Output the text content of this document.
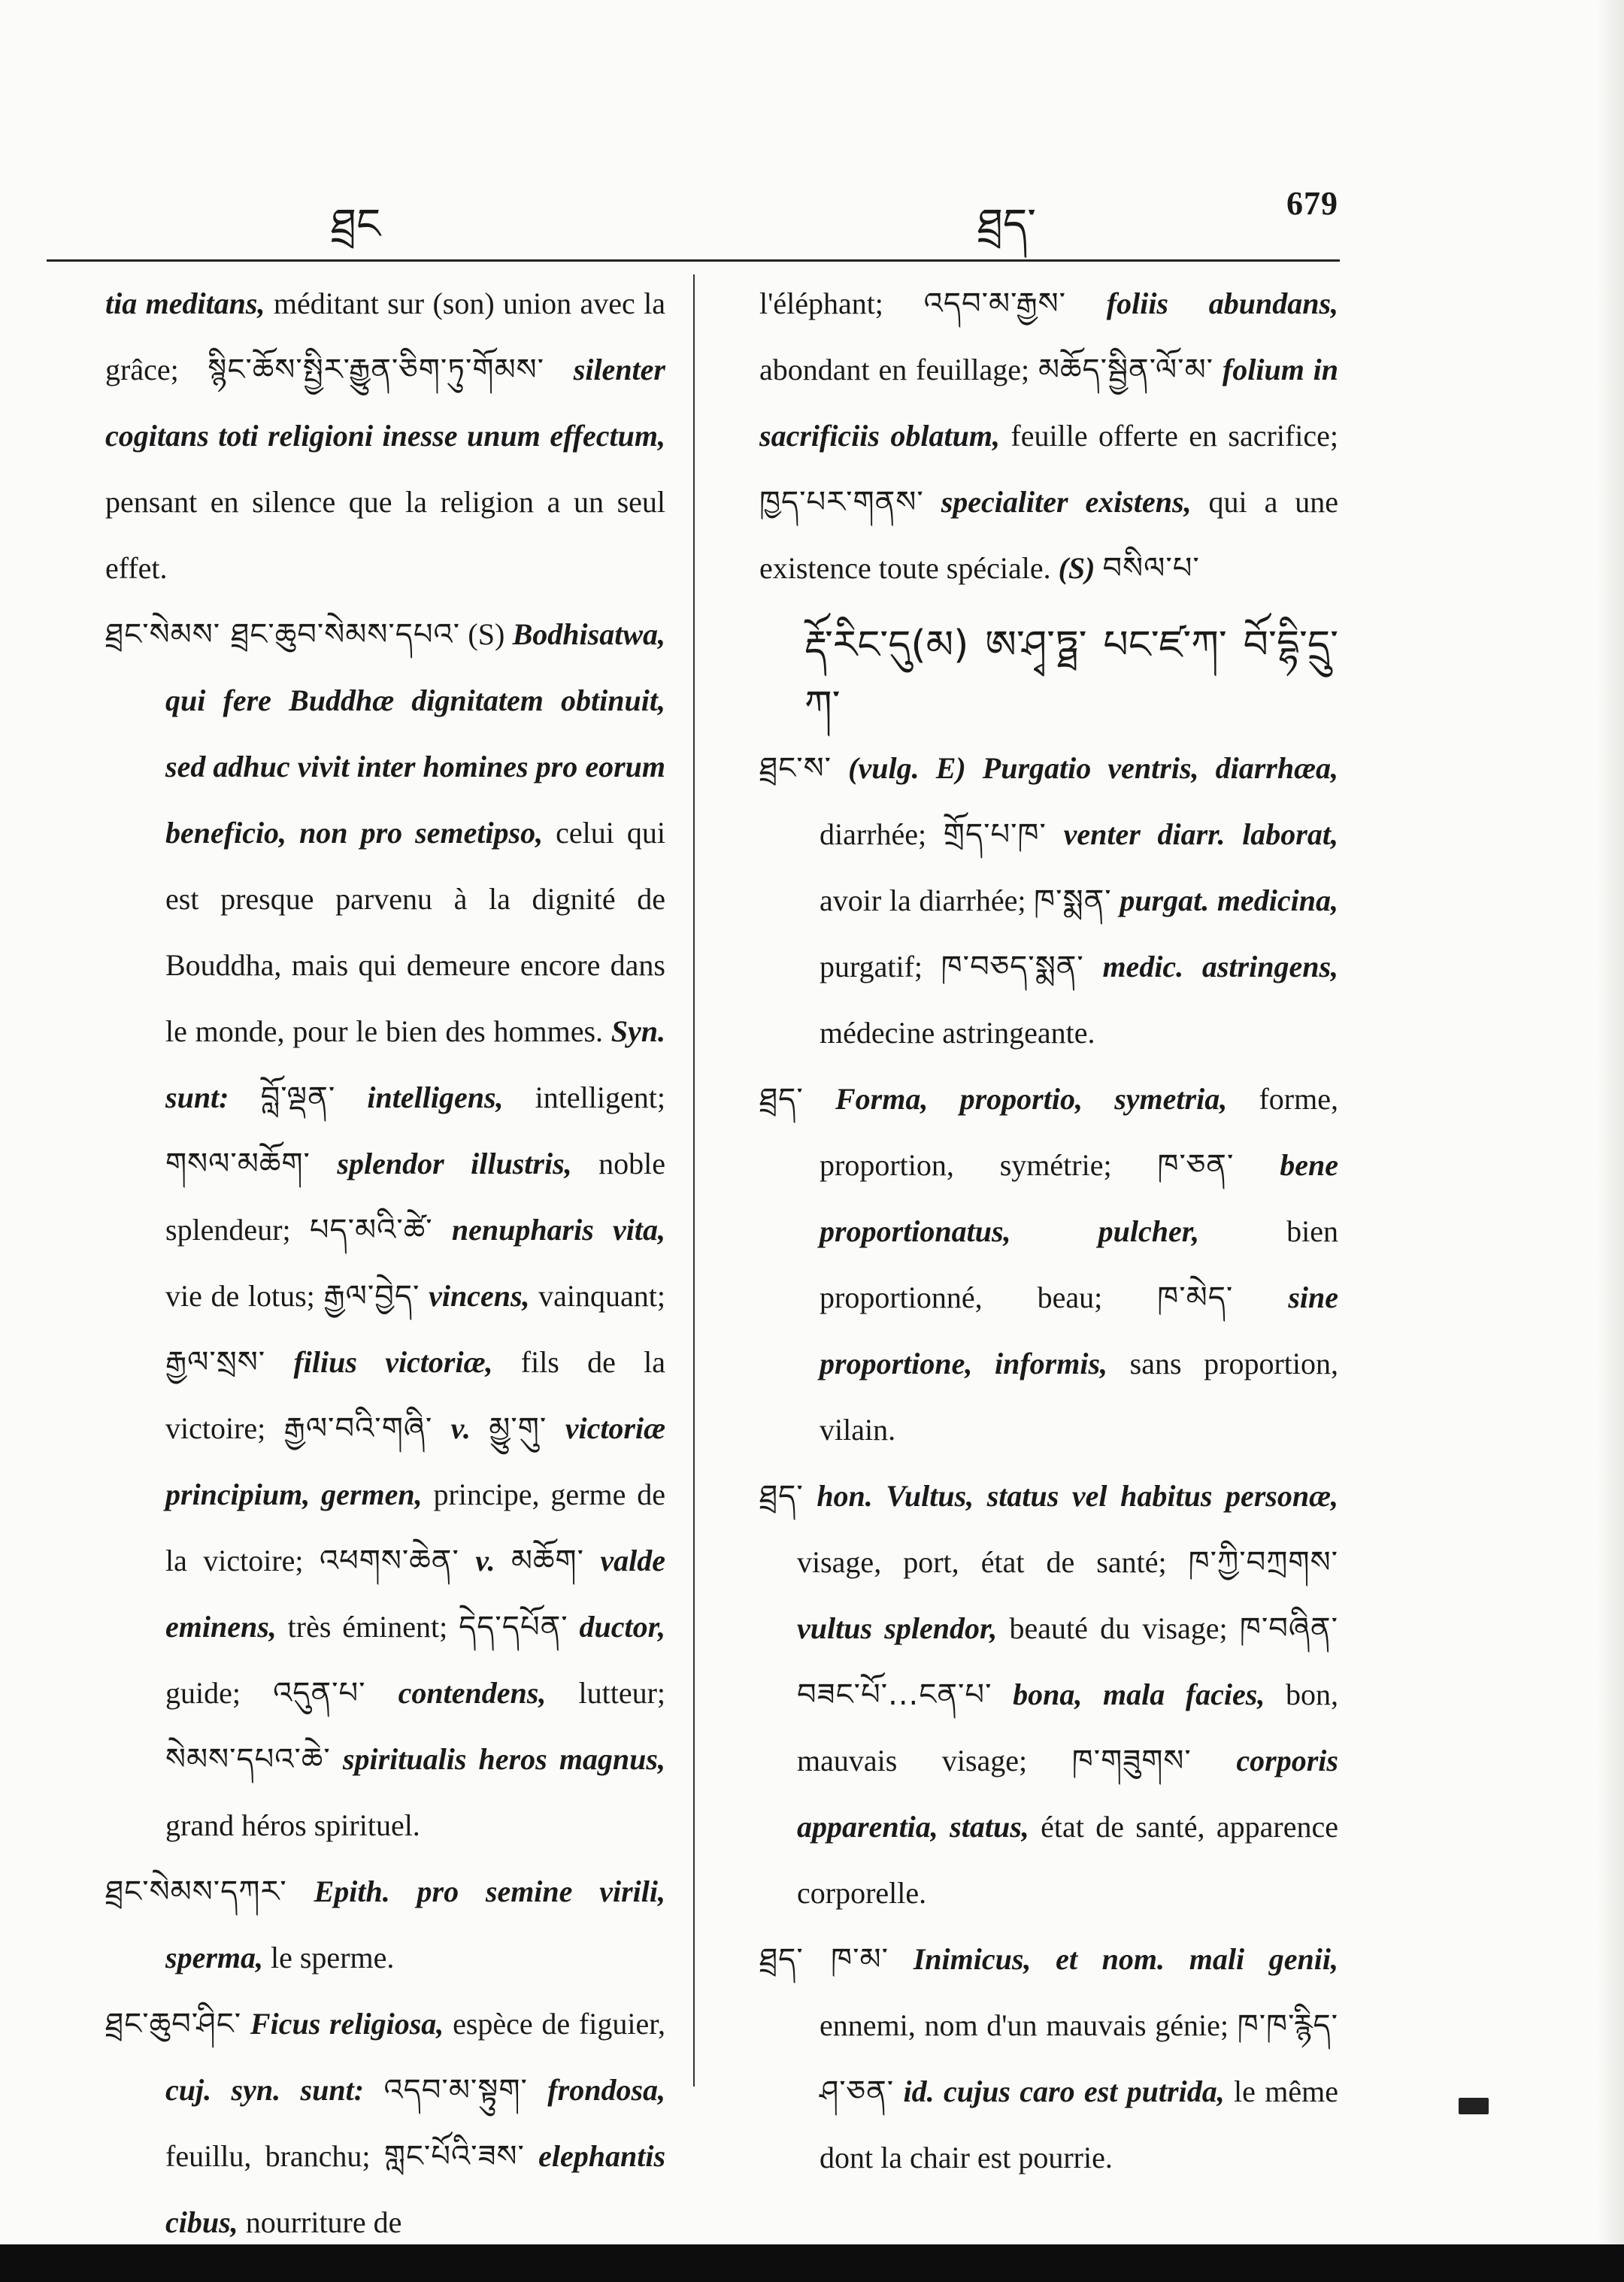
ཐྲང	ཐྲད་	679

tia meditans, méditant sur (son) union avec la grâce; སྙིང་ཆོས་སྤྱིར་རྒྱུན་ཅིག་ཏུ་གོམས་ silenter cogitans toti religioni inesse unum effectum, pensant en silence que la religion a un seul effet.

ཐྲང་སེམས་ ཐྲང་ཆུབ་སེམས་དཔའ་ (S) Bodhisatwa, qui fere Buddhæ dignitatem obtinuit, sed adhuc vivit inter homines pro eorum beneficio, non pro semetipso, celui qui est presque parvenu à la dignité de Bouddha, mais qui demeure encore dans le monde, pour le bien des hommes. Syn. sunt: བློ་ལྡན་ intelligens, intelligent; གསལ་མཆོག་ splendor illustris, noble splendeur; པད་མའི་ཚེ་ nenupharis vita, vie de lotus; རྒྱལ་བྱེད་ vincens, vainquant; རྒྱལ་སྲས་ filius victoriæ, fils de la victoire; རྒྱལ་བའི་གཞི་ v. མྱུ་གུ་ victoriæ principium, germen, principe, germe de la victoire; འཕགས་ཆེན་ v. མཆོག་ valde eminens, très éminent; དེད་དཔོན་ ductor, guide; འདུན་པ་ contendens, lutteur; སེམས་དཔའ་ཆེ་ spiritualis heros magnus, grand héros spirituel.

ཐྲང་སེམས་དཀར་ Epith. pro semine virili, sperma, le sperme.

ཐྲང་ཆུབ་ཤིང་ Ficus religiosa, espèce de figuier, cuj. syn. sunt: འདབ་མ་སྟུག་ frondosa, feuillu, branchu; གླང་པོའི་ཟས་ elephantis cibus, nourriture de

l'éléphant; འདབ་མ་རྒྱས་ foliis abundans, abondant en feuillage; མཆོད་སྦྱིན་ལོ་མ་ folium in sacrificiis oblatum, feuille offerte en sacrifice; ཁྱད་པར་གནས་ specialiter existens, qui a une existence toute spéciale. (S) བསིལ་པ་

རྡོ་རིང་དུ(མ) ཨ་ཤྭ་ཏྠ་ པང་ཛ་ཀ་ བོ་དྷི་དྲུ་ཀ་

ཐྲང་ས་ (vulg. E) Purgatio ventris, diarrhæa, diarrhée; གྲོད་པ་ཁ་ venter diarr. laborat, avoir la diarrhée; ཁ་སྨན་ purgat. medicina, purgatif; ཁ་བཅད་སྨན་ medic. astringens, médecine astringeante.

ཐྲད་ Forma, proportio, symetria, forme, proportion, symétrie; ཁ་ཅན་ bene proportionatus, pulcher, bien proportionné, beau; ཁ་མེད་ sine proportione, informis, sans proportion, vilain.

ཐྲད་ hon. Vultus, status vel habitus personæ, visage, port, état de santé; ཁ་ཀྱི་བཀྲགས་ vultus splendor, beauté du visage; ཁ་བཞིན་བཟང་པོ་...ངན་པ་ bona, mala facies, bon, mauvais visage; ཁ་གཟུགས་ corporis apparentia, status, état de santé, apparence corporelle.

ཐྲད་ ཁ་མ་ Inimicus, et nom. mali genii, ennemi, nom d'un mauvais génie; ཁ་ཁ་རྙིད་ཤ་ཅན་ id. cujus caro est putrida, le même dont la chair est pourrie.
